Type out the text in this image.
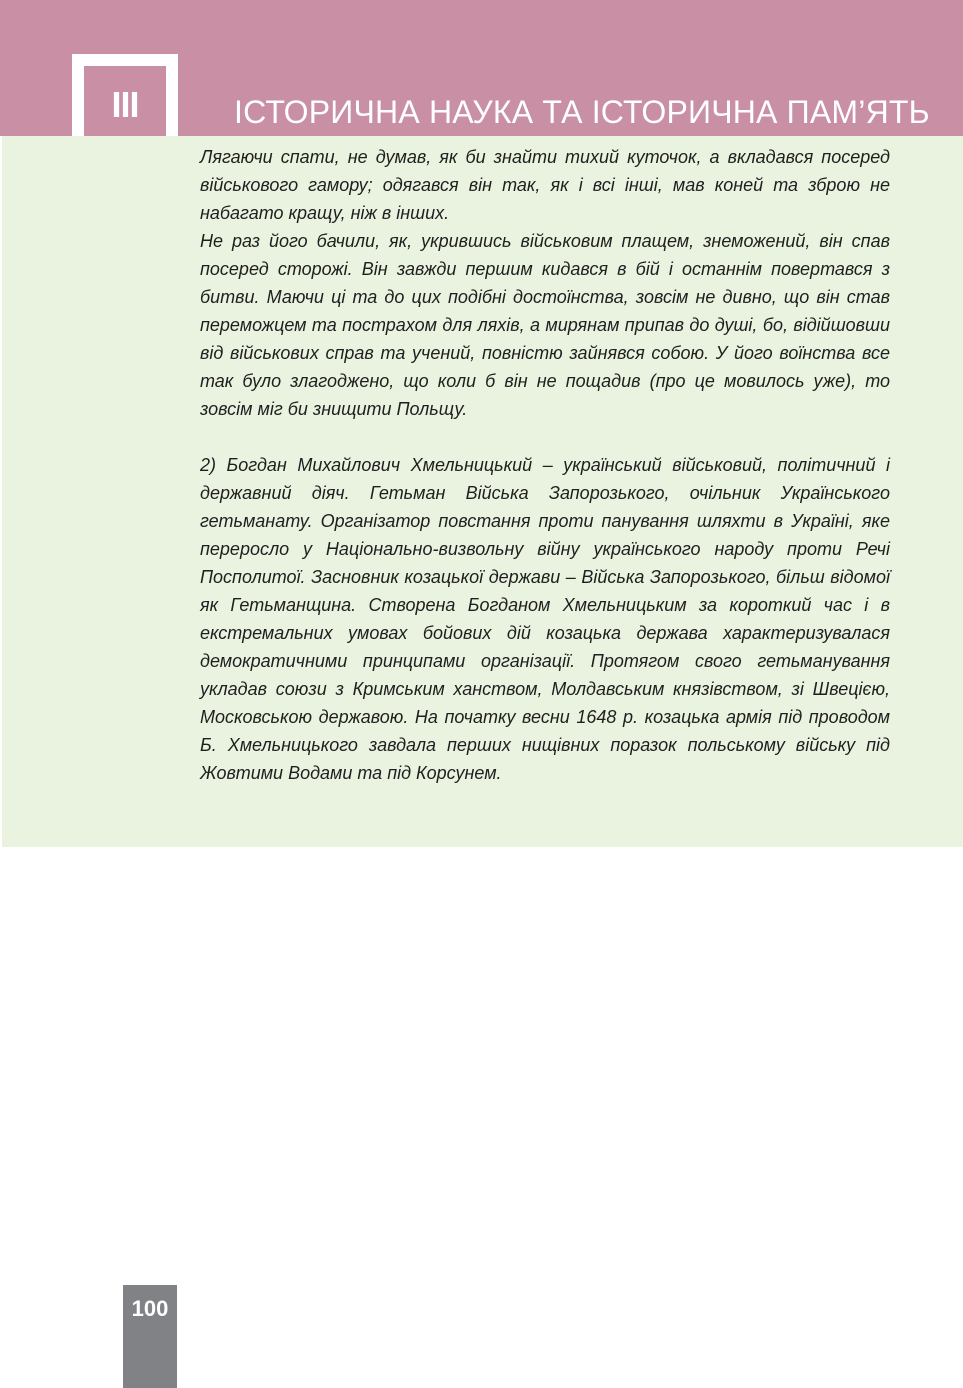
III	ІСТОРИЧНА НАУКА ТА ІСТОРИЧНА ПАМ’ЯТЬ

Лягаючи спати, не думав, як би знайти тихий куточок, а вкладався посеред військового гамору; одягався він так, як і всі інші, мав коней та зброю не набагато кращу, ніж в інших.

Не раз його бачили, як, укрившись військовим плащем, знеможений, він спав посеред сторожі. Він завжди першим кидався в бій і останнім повертався з битви. Маючи ці та до цих подібні достоїнства, зовсім не дивно, що він став переможцем та пострахом для ляхів, а мирянам припав до душі, бо, відійшовши від військових справ та учений, повністю зайнявся собою. У його воїнства все так було злагоджено, що коли б він не пощадив (про це мовилось уже), то зовсім міг би знищити Польщу.

2) Богдан Михайлович Хмельницький – український військовий, політичний і державний діяч. Гетьман Війська Запорозького, очільник Українського гетьманату. Організатор повстання проти панування шляхти в Україні, яке переросло у Національно-визвольну війну українського народу проти Речі Посполитої. Засновник козацької держави – Війська Запорозького, більш відомої як Гетьманщина. Створена Богданом Хмельницьким за короткий час і в екстремальних умовах бойових дій козацька держава характеризувалася демократичними принципами організації. Протягом свого гетьманування укладав союзи з Кримським ханством, Молдавським князівством, зі Швецією, Московською державою. На початку весни 1648 р. козацька армія під проводом Б. Хмельницького завдала перших нищівних поразок польському війську під Жовтими Водами та під Корсунем.

100
